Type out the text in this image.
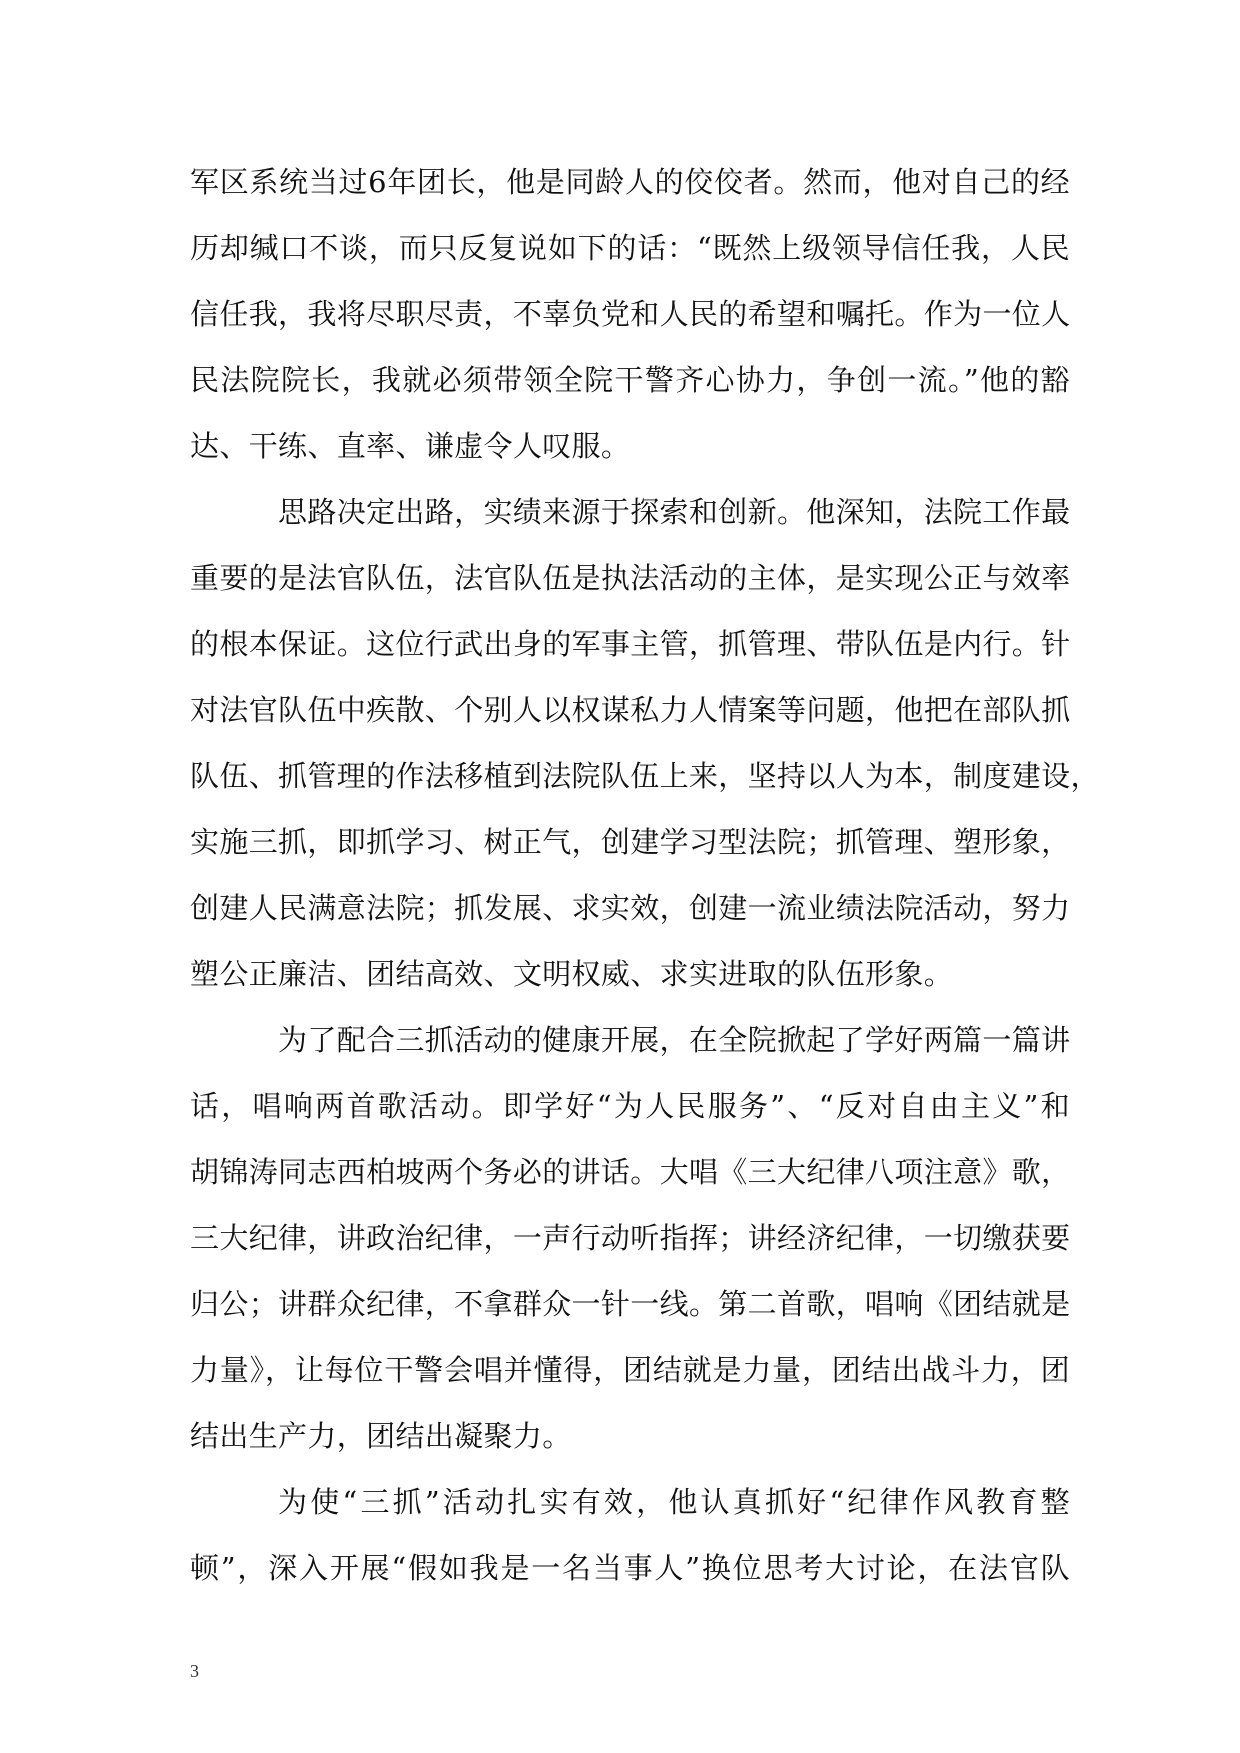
军区系统当过6年团长，他是同龄人的佼佼者。然而，他对自己的经
历却缄口不谈，而只反复说如下的话：“既然上级领导信任我，人民
信任我，我将尽职尽责，不辜负党和人民的希望和嘱托。作为一位人
民法院院长，我就必须带领全院干警齐心协力，争创一流。”他的豁
达、干练、直率、谦虚令人叹服。
思路决定出路，实绩来源于探索和创新。他深知，法院工作最
重要的是法官队伍，法官队伍是执法活动的主体，是实现公正与效率
的根本保证。这位行武出身的军事主管，抓管理、带队伍是内行。针
对法官队伍中疾散、个别人以权谋私力人情案等问题，他把在部队抓
队伍、抓管理的作法移植到法院队伍上来，坚持以人为本，制度建设，
实施三抓，即抓学习、树正气，创建学习型法院；抓管理、塑形象，
创建人民满意法院；抓发展、求实效，创建一流业绩法院活动，努力
塑公正廉洁、团结高效、文明权威、求实进取的队伍形象。
为了配合三抓活动的健康开展，在全院掀起了学好两篇一篇讲
话，唱响两首歌活动。即学好“为人民服务”、“反对自由主义”和
胡锦涛同志西柏坡两个务必的讲话。大唱《三大纪律八项注意》歌，
三大纪律，讲政治纪律，一声行动听指挥；讲经济纪律，一切缴获要
归公；讲群众纪律，不拿群众一针一线。第二首歌，唱响《团结就是
力量》，让每位干警会唱并懂得，团结就是力量，团结出战斗力，团
结出生产力，团结出凝聚力。
为使“三抓”活动扎实有效，他认真抓好“纪律作风教育整
顿”，深入开展“假如我是一名当事人”换位思考大讨论，在法官队
3
